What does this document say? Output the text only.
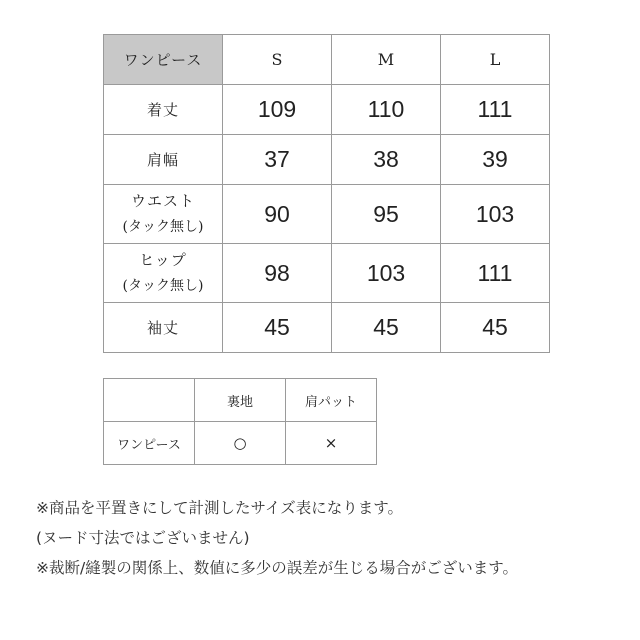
ワンピース	S	M	L
着丈	109	110	111
肩幅	37	38	39
ウエスト
(タック無し)	90	95	103
ヒップ
(タック無し)	98	103	111
袖丈	45	45	45
	裏地	肩パット
ワンピース	○	×
※商品を平置きにして計測したサイズ表になります。
(ヌード寸法ではございません)
※裁断/縫製の関係上、数値に多少の誤差が生じる場合がございます。
